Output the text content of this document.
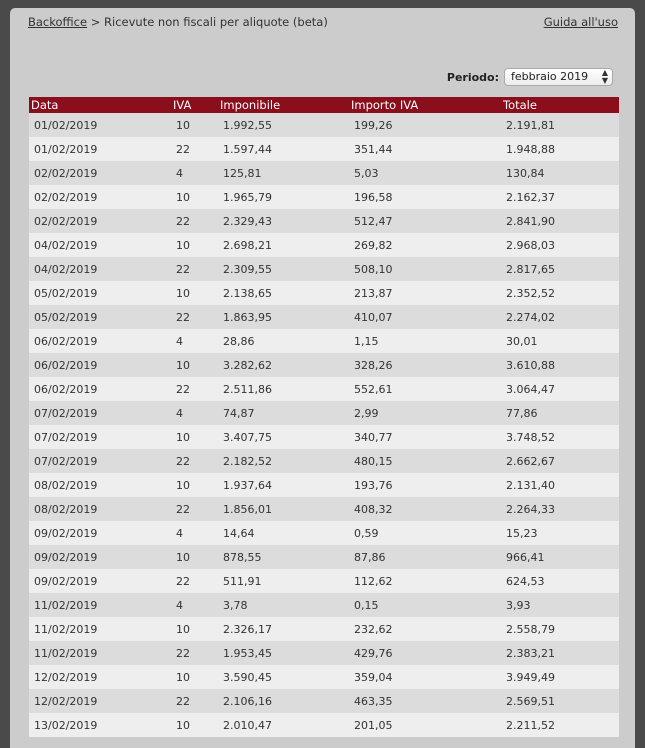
Backoffice > Ricevute non fiscali per aliquote (beta)	Guida all'uso
Periodo:	febbraio 2019 ▲
▼
Data	IVA	Imponibile	Importo IVA	Totale
01/02/2019	10	1.992,55	199,26	2.191,81
01/02/2019	22	1.597,44	351,44	1.948,88
02/02/2019	4	125,81	5,03	130,84
02/02/2019	10	1.965,79	196,58	2.162,37
02/02/2019	22	2.329,43	512,47	2.841,90
04/02/2019	10	2.698,21	269,82	2.968,03
04/02/2019	22	2.309,55	508,10	2.817,65
05/02/2019	10	2.138,65	213,87	2.352,52
05/02/2019	22	1.863,95	410,07	2.274,02
06/02/2019	4	28,86	1,15	30,01
06/02/2019	10	3.282,62	328,26	3.610,88
06/02/2019	22	2.511,86	552,61	3.064,47
07/02/2019	4	74,87	2,99	77,86
07/02/2019	10	3.407,75	340,77	3.748,52
07/02/2019	22	2.182,52	480,15	2.662,67
08/02/2019	10	1.937,64	193,76	2.131,40
08/02/2019	22	1.856,01	408,32	2.264,33
09/02/2019	4	14,64	0,59	15,23
09/02/2019	10	878,55	87,86	966,41
09/02/2019	22	511,91	112,62	624,53
11/02/2019	4	3,78	0,15	3,93
11/02/2019	10	2.326,17	232,62	2.558,79
11/02/2019	22	1.953,45	429,76	2.383,21
12/02/2019	10	3.590,45	359,04	3.949,49
12/02/2019	22	2.106,16	463,35	2.569,51
13/02/2019	10	2.010,47	201,05	2.211,52
